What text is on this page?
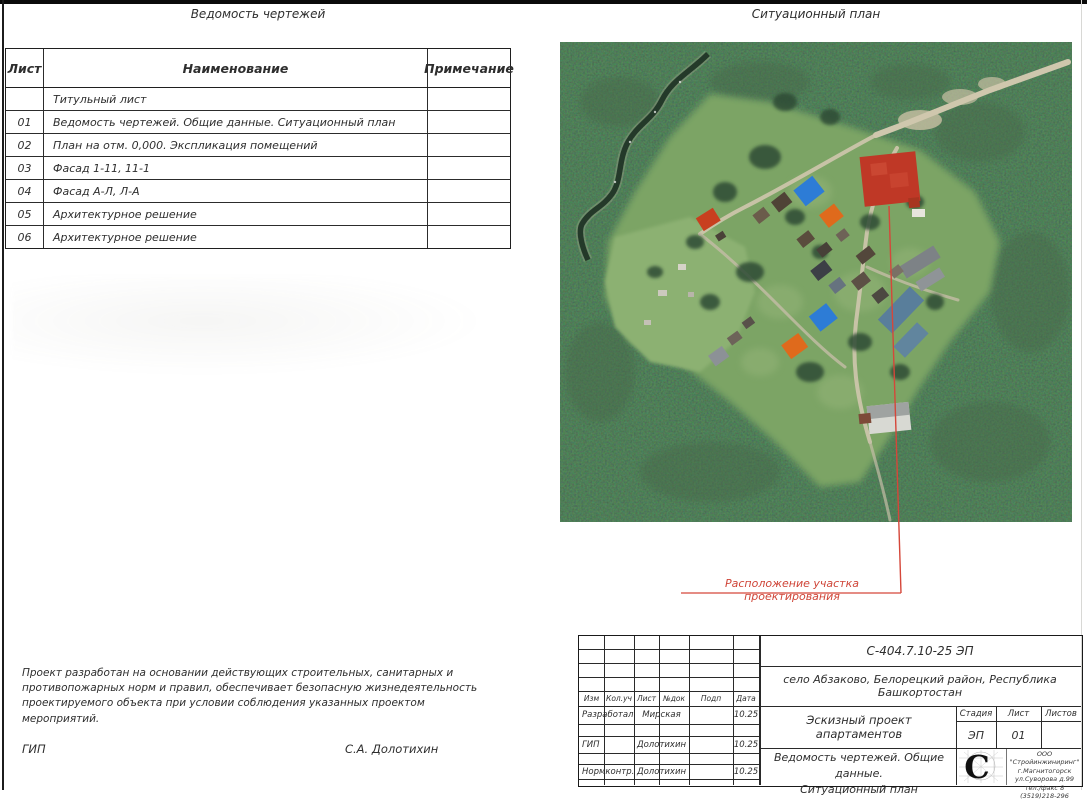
Ведомость чертежей	Ситуационный план
Лист	Наименование	Примечание
Титульный лист
01	Ведомость чертежей. Общие данные. Ситуационный план
02	План на отм. 0,000. Экспликация помещений
03	Фасад 1-11, 11-1
04	Фасад А-Л, Л-А
05	Архитектурное решение
06	Архитектурное решение
Расположение участка проектирования
Проект разработан на основании действующих строительных, санитарных и противопожарных норм и правил, обеспечивает безопасную жизнедеятельность проектируемого объекта при условии соблюдения указанных проектом мероприятий.
ГИП	С.А. Долотихин
Изм Кол.уч Лист №док	Подп	Дата
Разработал	Мирская	10.25
ГИП	Долотихин	10.25
Нормконтр. Долотихин	10.25
С-404.7.10-25 ЭП
село Абзаково, Белорецкий район, Республика Башкортостан
Эскизный проект апартаментов
Стадия	Лист	Листов
ЭП	01
Ведомость чертежей. Общие данные.
Ситуационный план
С	ООО "Стройинжиниринг"
г.Магнитогорск
ул.Суворова д.99
тел./факс 8 (3519)218-296
